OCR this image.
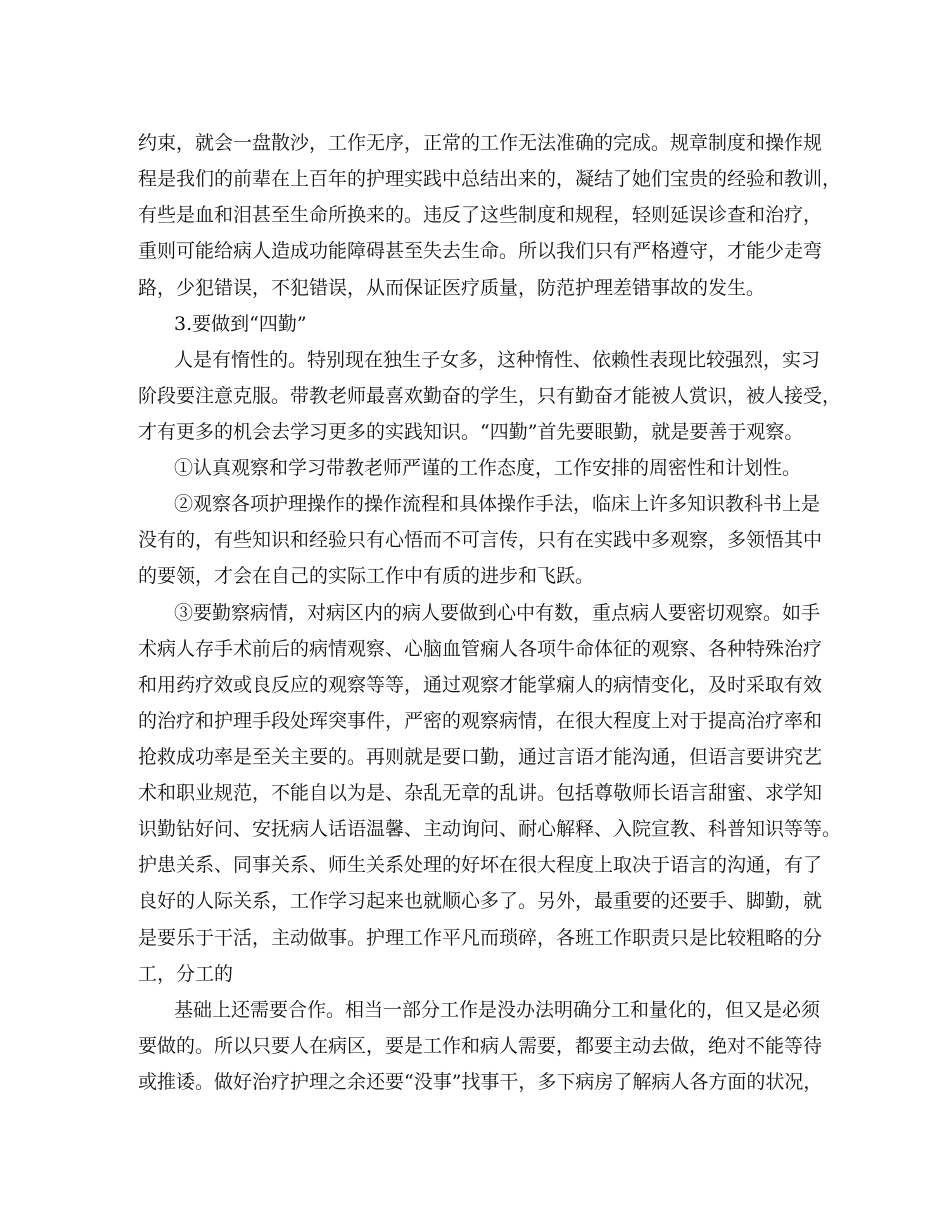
约束，就会一盘散沙，工作无序，正常的工作无法准确的完成。规章制度和操作规
程是我们的前辈在上百年的护理实践中总结出来的，凝结了她们宝贵的经验和教训，
有些是血和泪甚至生命所换来的。违反了这些制度和规程，轻则延误诊查和治疗，
重则可能给病人造成功能障碍甚至失去生命。所以我们只有严格遵守，才能少走弯
路，少犯错误，不犯错误，从而保证医疗质量，防范护理差错事故的发生。
3.要做到“四勤”
人是有惰性的。特别现在独生子女多，这种惰性、依赖性表现比较强烈，实习
阶段要注意克服。带教老师最喜欢勤奋的学生，只有勤奋才能被人赏识，被人接受，
才有更多的机会去学习更多的实践知识。“四勤”首先要眼勤，就是要善于观察。
①认真观察和学习带教老师严谨的工作态度，工作安排的周密性和计划性。
②观察各项护理操作的操作流程和具体操作手法，临床上许多知识教科书上是
没有的，有些知识和经验只有心悟而不可言传，只有在实践中多观察，多领悟其中
的要领，才会在自己的实际工作中有质的进步和飞跃。
③要勤察病情，对病区内的病人要做到心中有数，重点病人要密切观察。如手
术病人存手术前后的病情观察、心脑血管痫人各项牛命体征的观察、各种特殊治疗
和用药疗效或良反应的观察等等，通过观察才能掌痫人的病情变化，及时采取有效
的治疗和护理手段处珲突事件，严密的观察病情，在很大程度上对于提高治疗率和
抢救成功率是至关主要的。再则就是要口勤，通过言语才能沟通，但语言要讲究艺
术和职业规范，不能自以为是、杂乱无章的乱讲。包括尊敬师长语言甜蜜、求学知
识勤钻好问、安抚病人话语温馨、主动询问、耐心解释、入院宣教、科普知识等等。
护患关系、同事关系、师生关系处理的好坏在很大程度上取决于语言的沟通，有了
良好的人际关系，工作学习起来也就顺心多了。另外，最重要的还要手、脚勤，就
是要乐于干活，主动做事。护理工作平凡而琐碎，各班工作职责只是比较粗略的分
工，分工的
基础上还需要合作。相当一部分工作是没办法明确分工和量化的，但又是必须
要做的。所以只要人在病区，要是工作和病人需要，都要主动去做，绝对不能等待
或推诿。做好治疗护理之余还要“没事”找事干，多下病房了解病人各方面的状况，
